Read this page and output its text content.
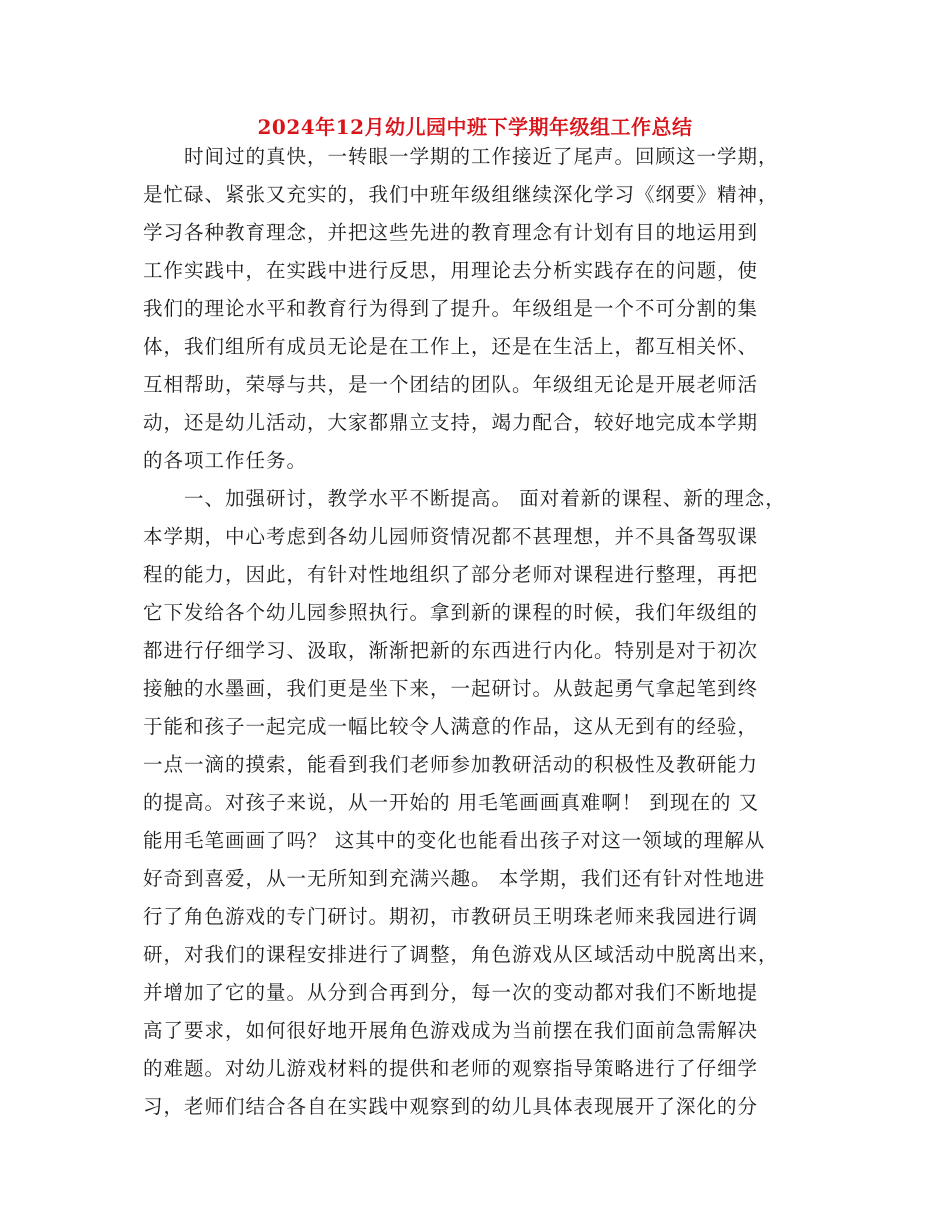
2024年12月幼儿园中班下学期年级组工作总结
　　时间过的真快，一转眼一学期的工作接近了尾声。回顾这一学期，
是忙碌、紧张又充实的，我们中班年级组继续深化学习《纲要》精神，
学习各种教育理念，并把这些先进的教育理念有计划有目的地运用到
工作实践中，在实践中进行反思，用理论去分析实践存在的问题，使
我们的理论水平和教育行为得到了提升。年级组是一个不可分割的集
体，我们组所有成员无论是在工作上，还是在生活上，都互相关怀、
互相帮助，荣辱与共，是一个团结的团队。年级组无论是开展老师活
动，还是幼儿活动，大家都鼎立支持，竭力配合，较好地完成本学期
的各项工作任务。
　　一、加强研讨，教学水平不断提高。 面对着新的课程、新的理念，
本学期，中心考虑到各幼儿园师资情况都不甚理想，并不具备驾驭课
程的能力，因此，有针对性地组织了部分老师对课程进行整理，再把
它下发给各个幼儿园参照执行。拿到新的课程的时候，我们年级组的
都进行仔细学习、汲取，渐渐把新的东西进行内化。特别是对于初次
接触的水墨画，我们更是坐下来，一起研讨。从鼓起勇气拿起笔到终
于能和孩子一起完成一幅比较令人满意的作品，这从无到有的经验，
一点一滴的摸索，能看到我们老师参加教研活动的积极性及教研能力
的提高。对孩子来说，从一开始的 用毛笔画画真难啊！ 到现在的 又
能用毛笔画画了吗？ 这其中的变化也能看出孩子对这一领域的理解从
好奇到喜爱，从一无所知到充满兴趣。 本学期，我们还有针对性地进
行了角色游戏的专门研讨。期初，市教研员王明珠老师来我园进行调
研，对我们的课程安排进行了调整，角色游戏从区域活动中脱离出来，
并增加了它的量。从分到合再到分，每一次的变动都对我们不断地提
高了要求，如何很好地开展角色游戏成为当前摆在我们面前急需解决
的难题。对幼儿游戏材料的提供和老师的观察指导策略进行了仔细学
习，老师们结合各自在实践中观察到的幼儿具体表现展开了深化的分
